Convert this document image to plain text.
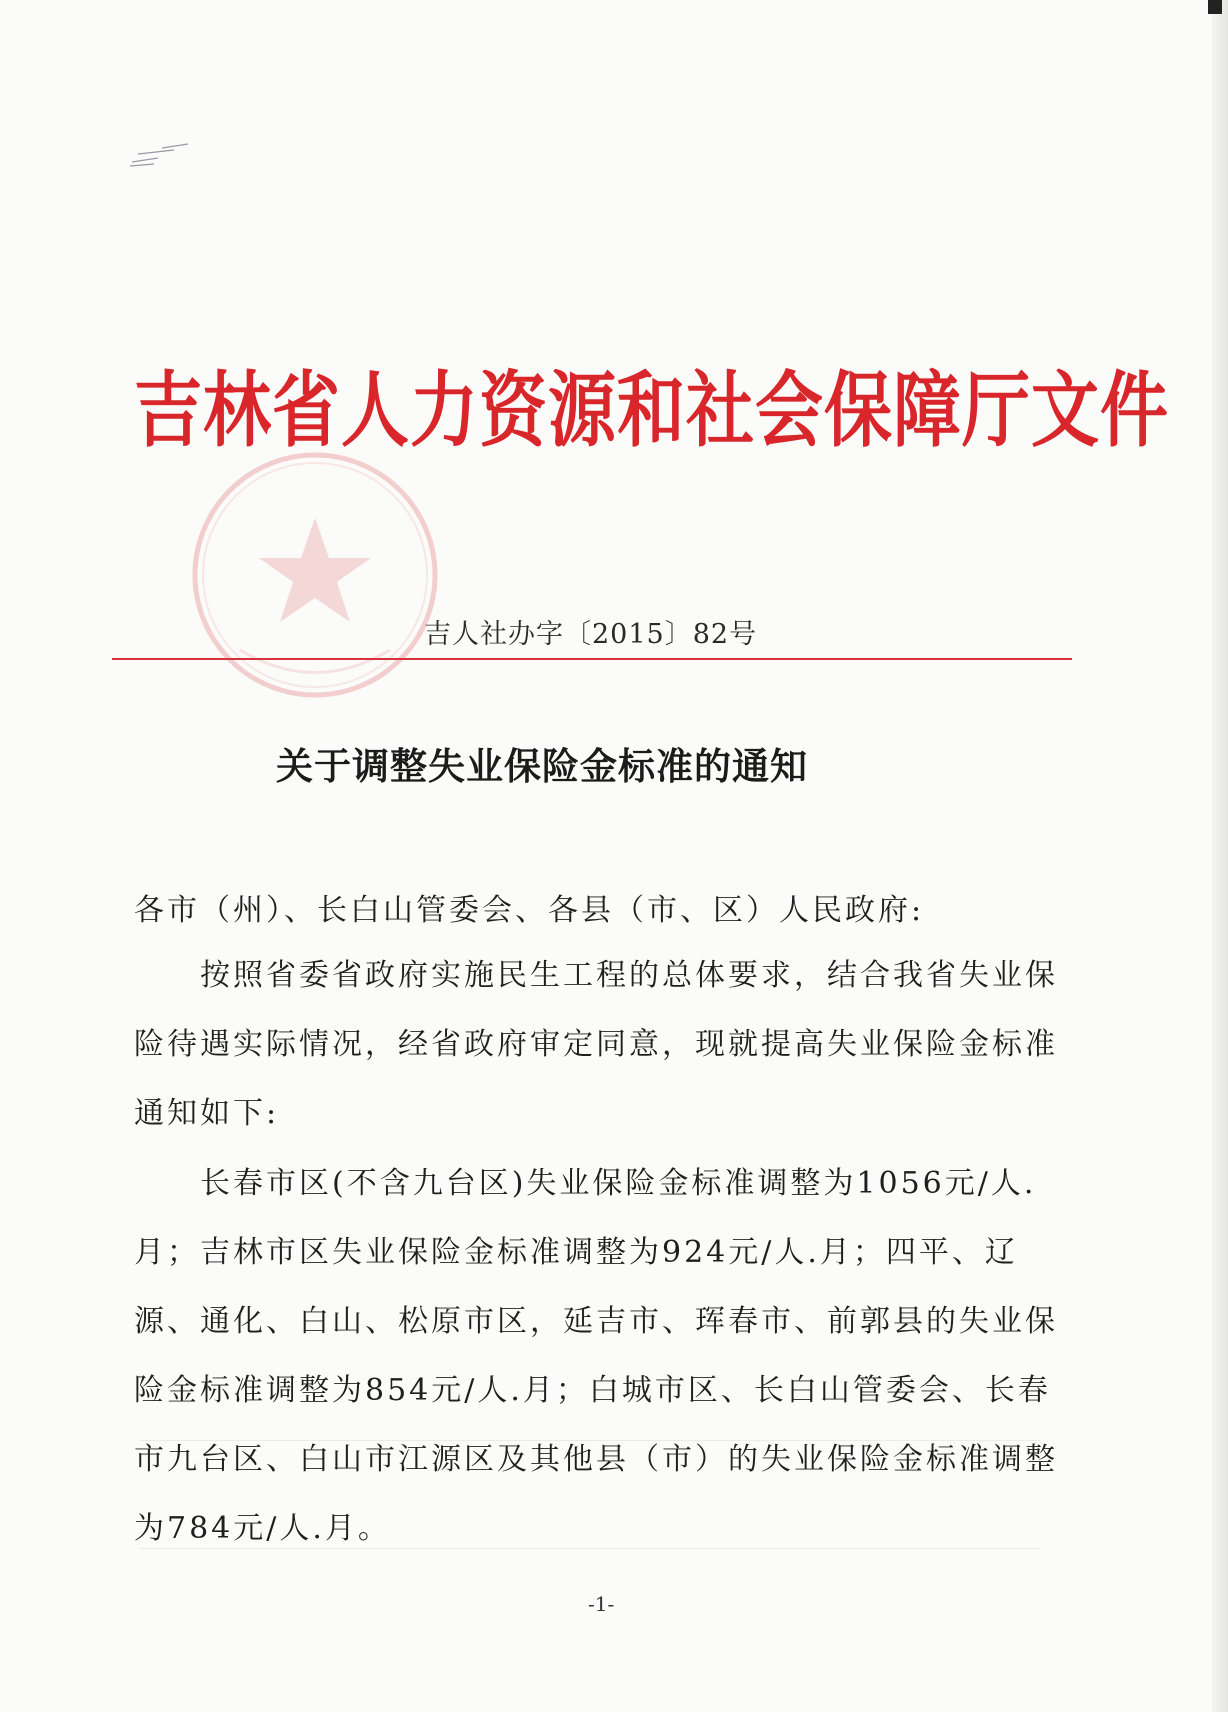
吉林省人力资源和社会保障厅文件
吉人社办字〔2015〕82号
关于调整失业保险金标准的通知
各市（州）、长白山管委会、各县（市、区）人民政府:
按照省委省政府实施民生工程的总体要求，结合我省失业保险待遇实际情况，经省政府审定同意，现就提高失业保险金标准通知如下:
长春市区(不含九台区)失业保险金标准调整为1056元/人.月；吉林市区失业保险金标准调整为924元/人.月；四平、辽源、通化、白山、松原市区，延吉市、珲春市、前郭县的失业保险金标准调整为854元/人.月；白城市区、长白山管委会、长春市九台区、白山市江源区及其他县（市）的失业保险金标准调整为784元/人.月。
-1-
